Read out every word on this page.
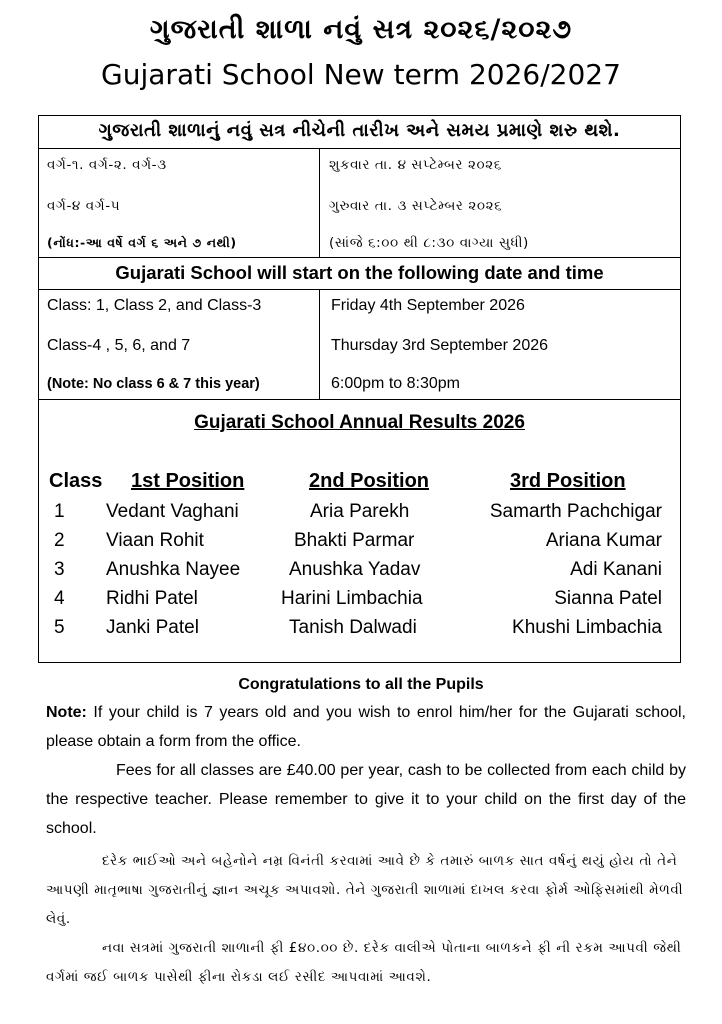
ગુજરાતી શાળા નવું સત્ર ૨૦૨૬/૨૦૨૭
Gujarati School New term 2026/2027
ગુજરાતી શાળાનું નવું સત્ર નીચેની તારીખ અને સમય પ્રમાણે શરુ થશે.
વર્ગ-૧. વર્ગ-૨. વર્ગ-૩	શુકવાર તા. ૪ સપ્ટેમ્બર ૨૦૨૬
વર્ગ-૪ વર્ગ-૫	ગુરુવાર તા. ૩ સપ્ટેમ્બર ૨૦૨૬
(નોંધ:-આ વર્ષે વર્ગ ૬ અને ૭ નથી)	(સાંજે ૬:૦૦ થી ૮:૩૦ વાગ્યા સુધી)
Gujarati School will start on the following date and time
Class: 1, Class 2, and Class-3	Friday 4th September 2026
Class-4 , 5, 6, and 7	Thursday 3rd September 2026
(Note: No class 6 & 7 this year)	6:00pm to 8:30pm
Gujarati School Annual Results 2026
Class 1st Position	2nd Position	3rd Position
1 Vedant Vaghani	Aria Parekh	Samarth Pachchigar
2 Viaan Rohit	Bhakti Parmar	Ariana Kumar
3 Anushka Nayee	Anushka Yadav	Adi Kanani
4 Ridhi Patel	Harini Limbachia	Sianna Patel
5 Janki Patel	Tanish Dalwadi	Khushi Limbachia
Congratulations to all the Pupils
Note: If your child is 7 years old and you wish to enrol him/her for the Gujarati school, please obtain a form from the office.
Fees for all classes are £40.00 per year, cash to be collected from each child by the respective teacher. Please remember to give it to your child on the first day of the school.
દરેક ભાઈઓ અને બહેનોને નમ્ર વિનંતી કરવામાં આવે છે કે તમારું બાળક સાત વર્ષનું થયું હોય તો તેને આપણી માતૃભાષા ગુજરાતીનું જ્ઞાન અચૂક અપાવશો. તેને ગુજરાતી શાળામાં દાખલ કરવા ફોર્મ ઓફિસમાંથી મેળવી લેવું.
નવા સત્રમાં ગુજરાતી શાળાની ફી £૪૦.૦૦ છે. દરેક વાલીએ પોતાના બાળકને ફી ની રકમ આપવી જેથી વર્ગમાં જઈ બાળક પાસેથી ફીના રોકડા લઈ રસીદ આપવામાં આવશે.
